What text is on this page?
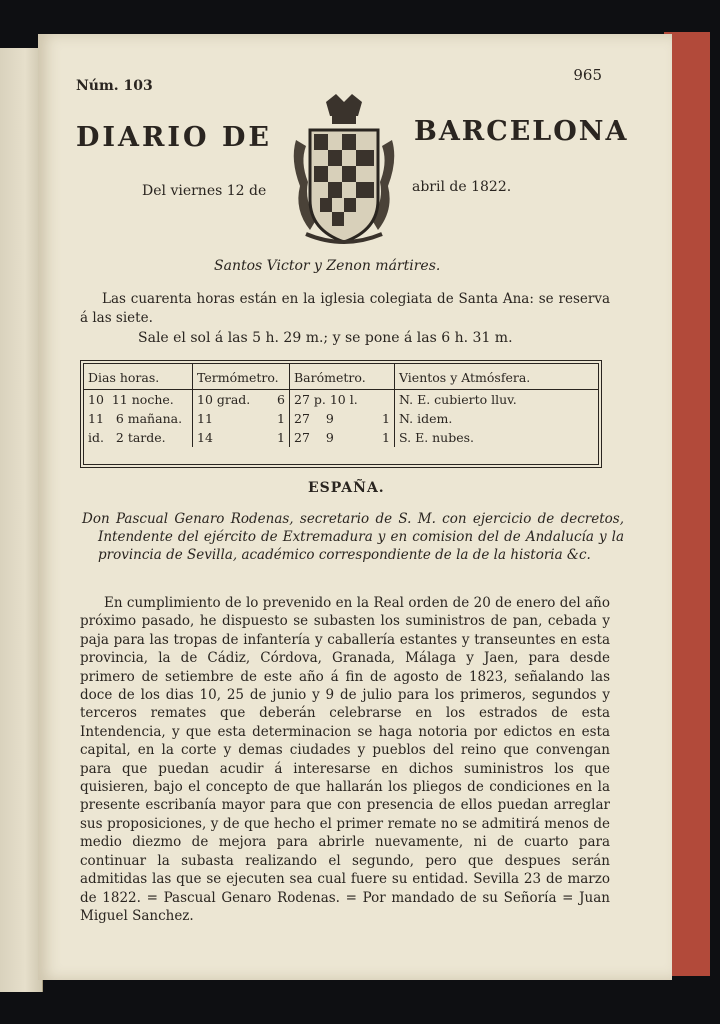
Núm. 103
965
DIARIO DE	BARCELONA
Del viernes 12 de	abril de 1822.
Santos Victor y Zenon mártires.
Las cuarenta horas están en la iglesia colegiata de Santa Ana: se reserva á las siete.
Sale el sol á las 5 h. 29 m.; y se pone á las 6 h. 31 m.
Dias horas.	Termómetro.	Barómetro.	Vientos y Atmósfera.
10 11 noche.	10 grad. 6	27 p. 10 l.	N. E. cubierto lluv.
11 6 mañana.	11 1	27 9 1	N. idem.
id. 2 tarde.	14 1	27 9 1	S. E. nubes.
ESPAÑA.
Don Pascual Genaro Rodenas, secretario de S. M. con ejercicio de decretos, Intendente del ejército de Extremadura y en comision del de Andalucía y la provincia de Sevilla, académico correspondiente de la de la historia &c.
En cumplimiento de lo prevenido en la Real orden de 20 de enero del año próximo pasado, he dispuesto se subasten los suministros de pan, cebada y paja para las tropas de infantería y caballería estantes y transeuntes en esta provincia, la de Cádiz, Córdova, Granada, Málaga y Jaen, para desde primero de setiembre de este año á fin de agosto de 1823, señalando las doce de los dias 10, 25 de junio y 9 de julio para los primeros, segundos y terceros remates que deberán celebrarse en los estrados de esta Intendencia, y que esta determinacion se haga notoria por edictos en esta capital, en la corte y demas ciudades y pueblos del reino que convengan para que puedan acudir á interesarse en dichos suministros los que quisieren, bajo el concepto de que hallarán los pliegos de condiciones en la presente escribanía mayor para que con presencia de ellos puedan arreglar sus proposiciones, y de que hecho el primer remate no se admitirá menos de medio diezmo de mejora para abrirle nuevamente, ni de cuarto para continuar la subasta realizando el segundo, pero que despues serán admitidas las que se ejecuten sea cual fuere su entidad. Sevilla 23 de marzo de 1822. = Pascual Genaro Rodenas. = Por mandado de su Señoría = Juan Miguel Sanchez.
